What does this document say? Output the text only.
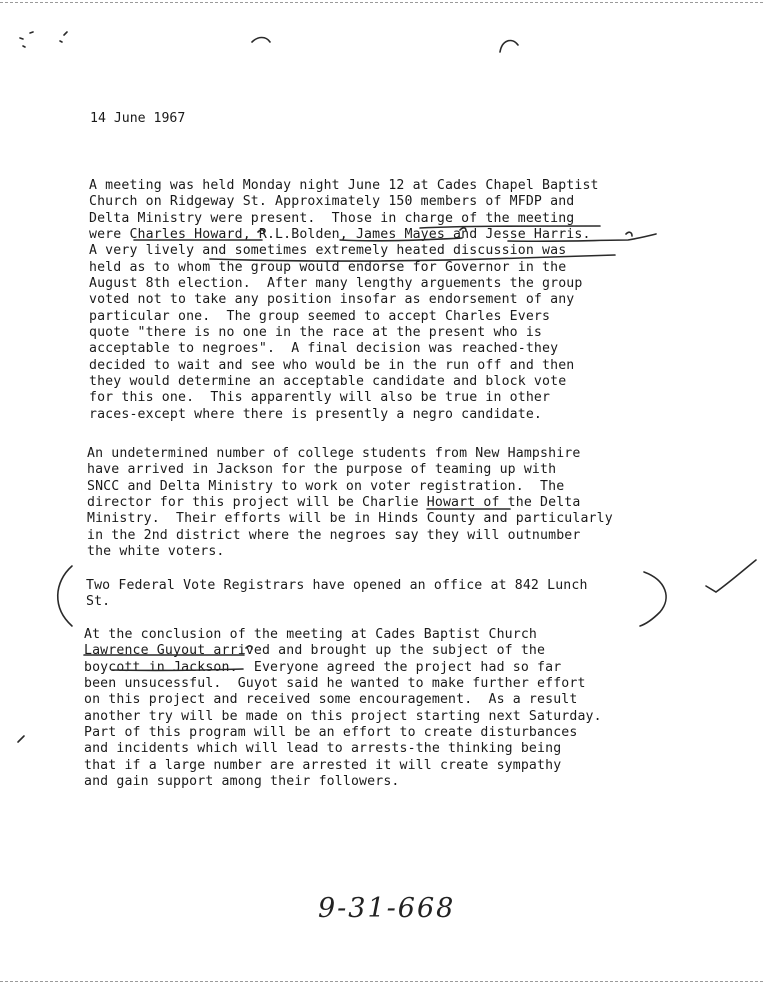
14 June 1967

A meeting was held Monday night June 12 at Cades Chapel Baptist
Church on Ridgeway St. Approximately 150 members of MFDP and
Delta Ministry were present.  Those in charge of the meeting
were Charles Howard, R.L.Bolden, James Mayes and Jesse Harris.
A very lively and sometimes extremely heated discussion was
held as to whom the group would endorse for Governor in the
August 8th election.  After many lengthy arguements the group
voted not to take any position insofar as endorsement of any
particular one.  The group seemed to accept Charles Evers
quote "there is no one in the race at the present who is
acceptable to negroes".  A final decision was reached-they
decided to wait and see who would be in the run off and then
they would determine an acceptable candidate and block vote
for this one.  This apparently will also be true in other
races-except where there is presently a negro candidate.

An undetermined number of college students from New Hampshire
have arrived in Jackson for the purpose of teaming up with
SNCC and Delta Ministry to work on voter registration.  The
director for this project will be Charlie Howart of the Delta
Ministry.  Their efforts will be in Hinds County and particularly
in the 2nd district where the negroes say they will outnumber
the white voters.

Two Federal Vote Registrars have opened an office at 842 Lunch
St.

At the conclusion of the meeting at Cades Baptist Church
Lawrence Guyout arrived and brought up the subject of the
boycott in Jackson.  Everyone agreed the project had so far
been unsucessful.  Guyot said he wanted to make further effort
on this project and received some encouragement.  As a result
another try will be made on this project starting next Saturday.
Part of this program will be an effort to create disturbances
and incidents which will lead to arrests-the thinking being
that if a large number are arrested it will create sympathy
and gain support among their followers.

9-31-668
